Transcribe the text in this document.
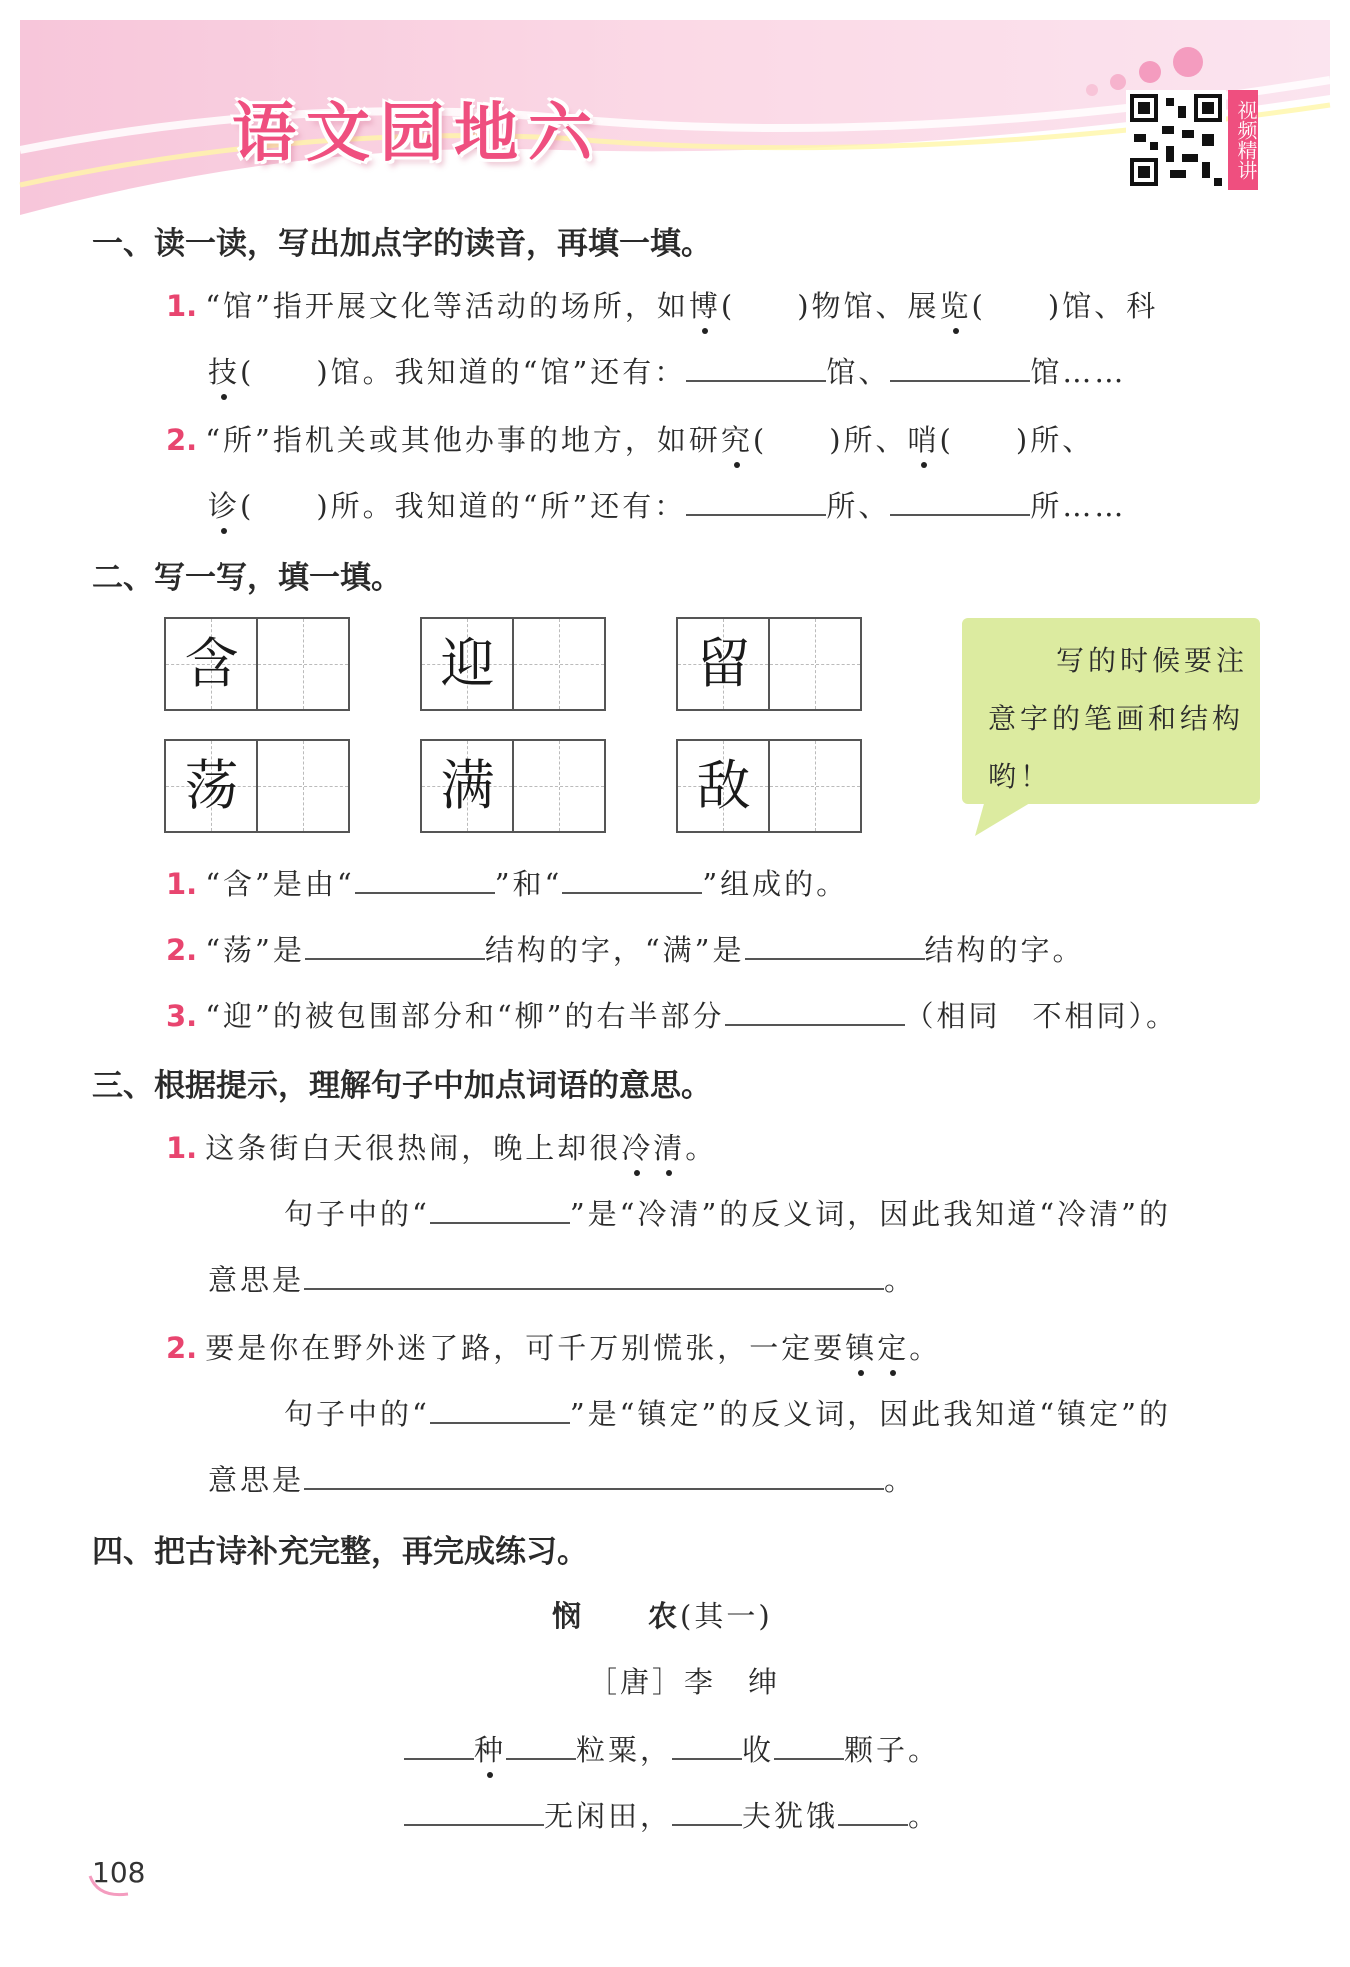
语文园地六	视频精讲
一、读一读，写出加点字的读音，再填一填。
1. “馆”指开展文化等活动的场所，如博( )物馆、展览( )馆、科
技( )馆。我知道的“馆”还有：	馆、	馆……
2. “所”指机关或其他办事的地方，如研究( )所、哨( )所、
诊( )所。我知道的“所”还有：	所、	所……
二、写一写，填一填。
含	迎	留
荡	满	敌
写的时候要注意字的笔画和结构哟！
1. “含”是由“	”和“	”组成的。
2. “荡”是	结构的字，“满”是	结构的字。
3. “迎”的被包围部分和“柳”的右半部分	（相同　不相同）。
三、根据提示，理解句子中加点词语的意思。
1. 这条街白天很热闹，晚上却很冷清。
句子中的“	”是“冷清”的反义词，因此我知道“冷清”的
意思是	。
2. 要是你在野外迷了路，可千万别慌张，一定要镇定。
句子中的“	”是“镇定”的反义词，因此我知道“镇定”的
意思是	。
四、把古诗补充完整，再完成练习。
悯　　农(其一)
［唐］李　绅
种 粒粟， 收 颗子。
无闲田， 夫犹饿 。
108
